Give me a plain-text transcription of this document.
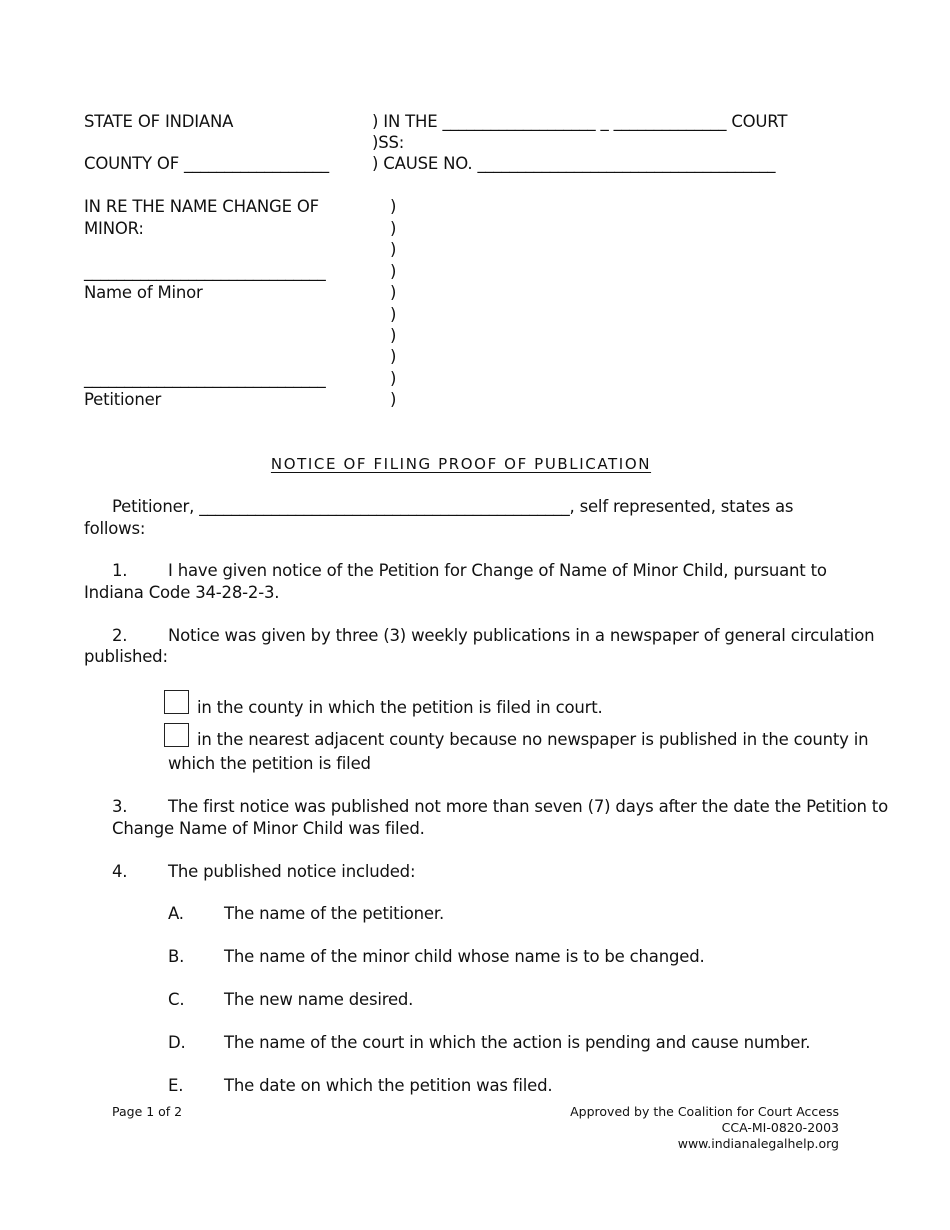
STATE OF INDIANA	) IN THE ___________________ _ ______________ COURT
)SS:
COUNTY OF __________________	) CAUSE NO. _____________________________________
IN RE THE NAME CHANGE OF
MINOR:
______________________________
Name of Minor
______________________________
Petitioner
)
)
)
)
)
)
)
)
)
)
NOTICE OF FILING PROOF OF PUBLICATION
Petitioner, ______________________________________________, self represented, states as
follows:
1. I have given notice of the Petition for Change of Name of Minor Child, pursuant to
Indiana Code 34-28-2-3.
2. Notice was given by three (3) weekly publications in a newspaper of general circulation
published:
in the county in which the petition is filed in court.
in the nearest adjacent county because no newspaper is published in the county in
which the petition is filed
3. The first notice was published not more than seven (7) days after the date the Petition to
Change Name of Minor Child was filed.
4. The published notice included:
A. The name of the petitioner.
B. The name of the minor child whose name is to be changed.
C. The new name desired.
D. The name of the court in which the action is pending and cause number.
E. The date on which the petition was filed.
Page 1 of 2	Approved by the Coalition for Court Access
CCA-MI-0820-2003
www.indianalegalhelp.org
